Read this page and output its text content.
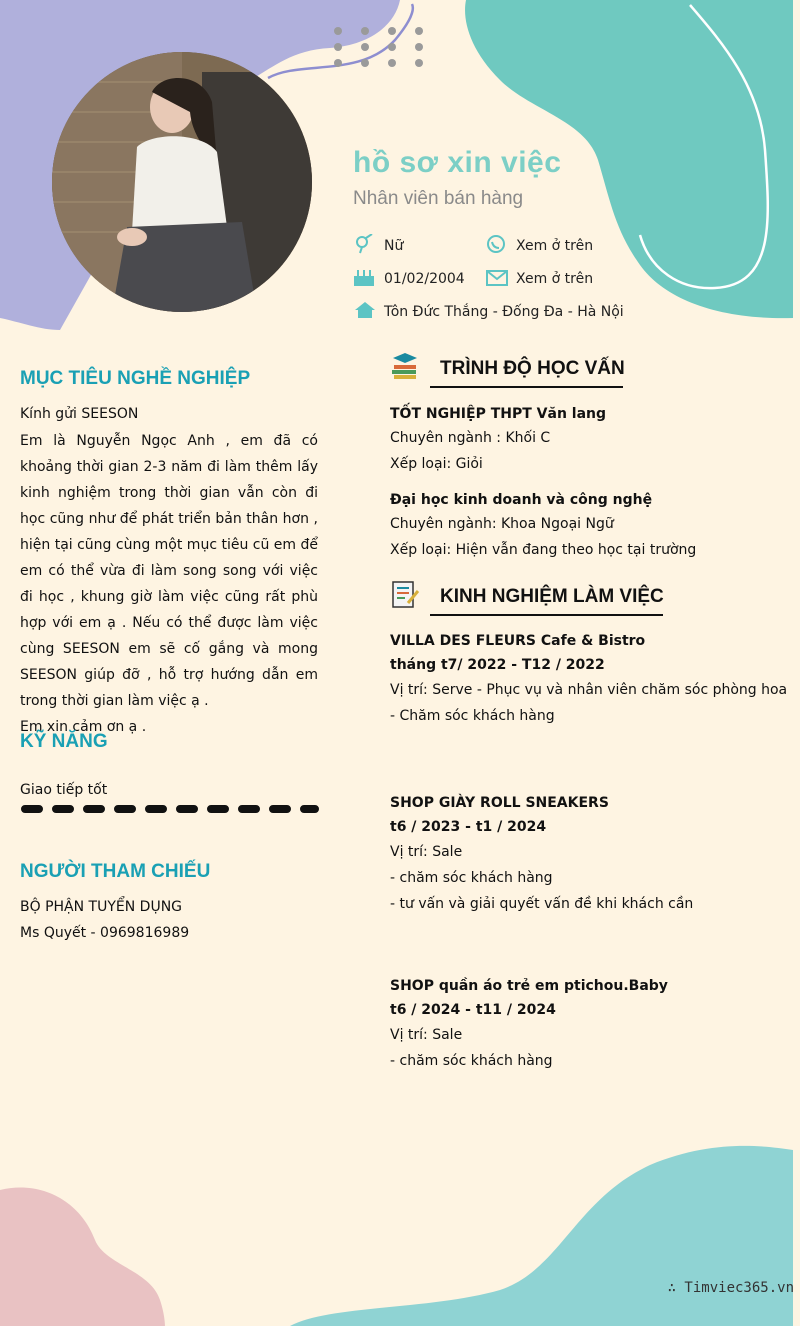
hồ sơ xin việc
Nhân viên bán hàng
Nữ	Xem ở trên
01/02/2004	Xem ở trên
Tôn Đức Thắng - Đống Đa - Hà Nội
MỤC TIÊU NGHỀ NGHIỆP
Kính gửi SEESON
Em là Nguyễn Ngọc Anh , em đã có khoảng thời gian 2-3 năm đi làm thêm lấy kinh nghiệm trong thời gian vẫn còn đi học cũng như để phát triển bản thân hơn , hiện tại cũng cùng một mục tiêu cũ em để em có thể vừa đi làm song song với việc đi học , khung giờ làm việc cũng rất phù hợp với em ạ . Nếu có thể được làm việc cùng SEESON em sẽ cố gắng và mong SEESON giúp đỡ , hỗ trợ hướng dẫn em trong thời gian làm việc ạ .
Em xin cảm ơn ạ .
KỸ NĂNG
Giao tiếp tốt
NGƯỜI THAM CHIẾU
BỘ PHẬN TUYỂN DỤNG
Ms Quyết - 0969816989
TRÌNH ĐỘ HỌC VẤN
TỐT NGHIỆP THPT Văn lang
Chuyên ngành : Khối C
Xếp loại: Giỏi
Đại học kinh doanh và công nghệ
Chuyên ngành: Khoa Ngoại Ngữ
Xếp loại: Hiện vẫn đang theo học tại trường
KINH NGHIỆM LÀM VIỆC
VILLA DES FLEURS Cafe & Bistro
tháng t7/ 2022 - T12 / 2022
Vị trí: Serve - Phục vụ và nhân viên chăm sóc phòng hoa
- Chăm sóc khách hàng
SHOP GIÀY ROLL SNEAKERS
t6 / 2023 - t1 / 2024
Vị trí: Sale
- chăm sóc khách hàng
- tư vấn và giải quyết vấn đề khi khách cần
SHOP quần áo trẻ em ptichou.Baby
t6 / 2024 - t11 / 2024
Vị trí: Sale
- chăm sóc khách hàng
∴ Timviec365.vn
